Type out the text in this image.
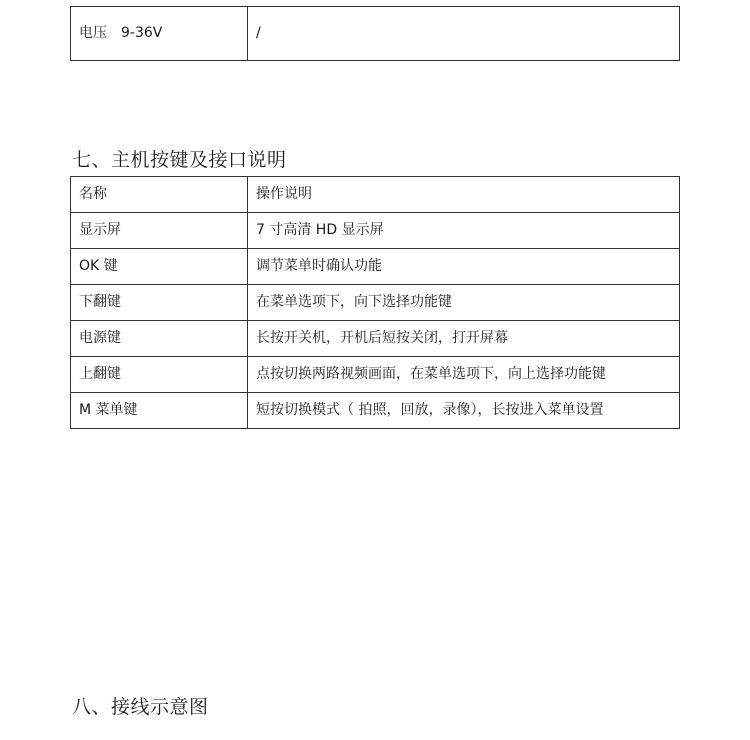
电压　9-36V	/
七、主机按键及接口说明
名称	操作说明
显示屏	7 寸高清 HD 显示屏
OK 键	调节菜单时确认功能
下翻键	在菜单选项下，向下选择功能键
电源键	长按开关机，开机后短按关闭，打开屏幕
上翻键	点按切换两路视频画面，在菜单选项下，向上选择功能键
M 菜单键	短按切换模式（ 拍照，回放，录像），长按进入菜单设置
八、接线示意图
